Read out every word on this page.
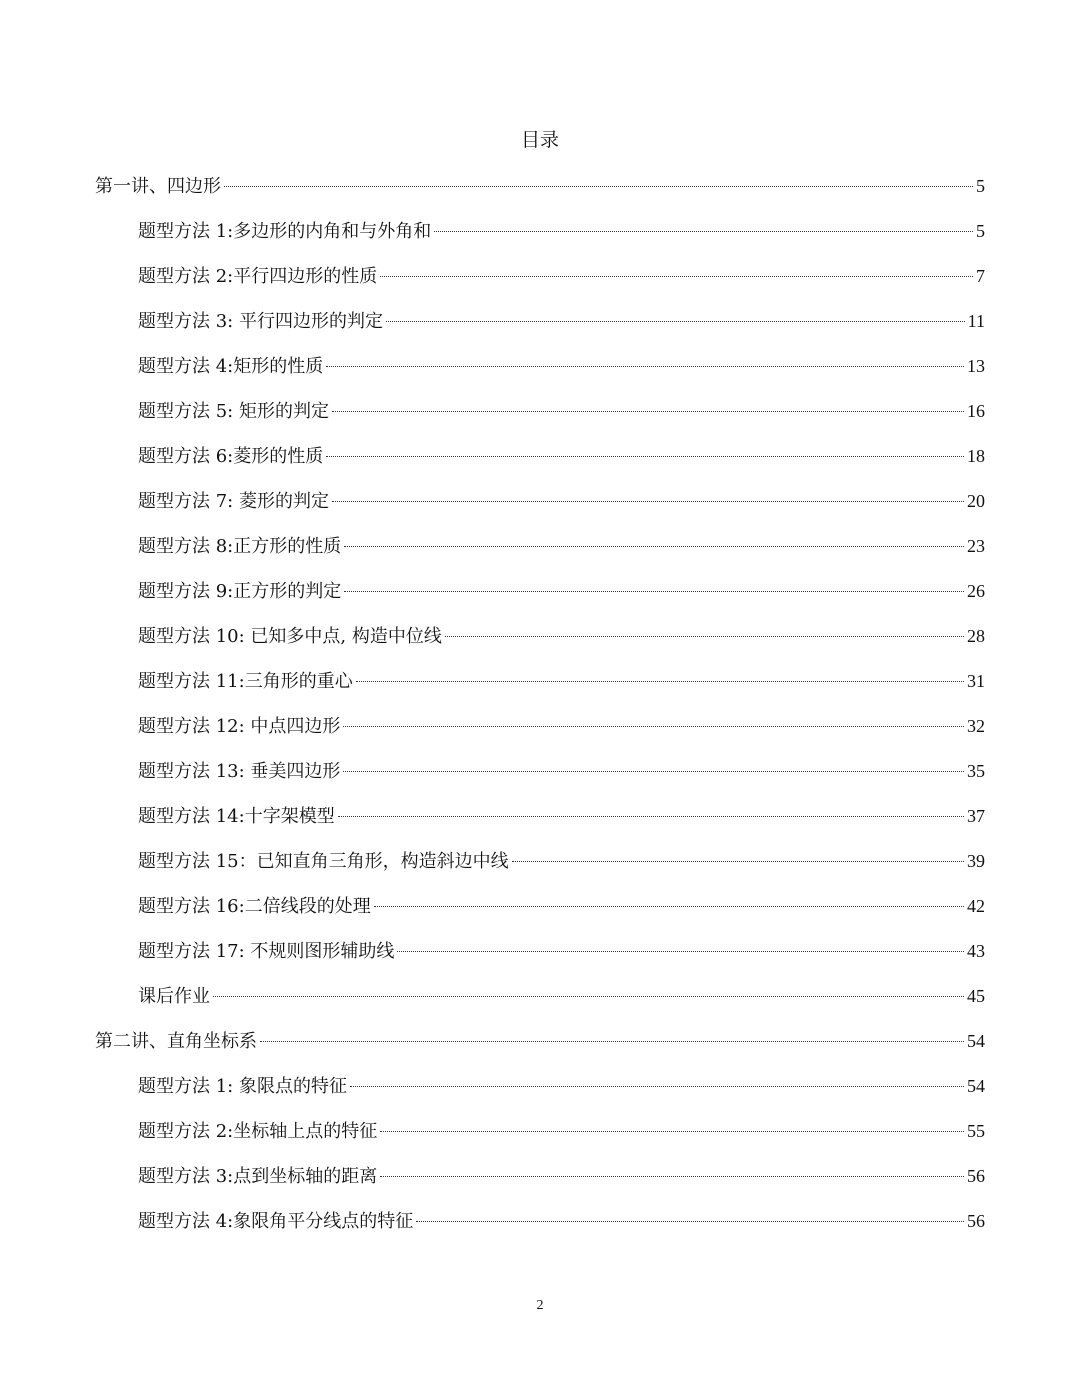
目录
第一讲、四边形	5
题型方法 1:多边形的内角和与外角和	5
题型方法 2:平行四边形的性质	7
题型方法 3: 平行四边形的判定	11
题型方法 4:矩形的性质	13
题型方法 5: 矩形的判定	16
题型方法 6:菱形的性质	18
题型方法 7: 菱形的判定	20
题型方法 8:正方形的性质	23
题型方法 9:正方形的判定	26
题型方法 10: 已知多中点, 构造中位线	28
题型方法 11:三角形的重心	31
题型方法 12: 中点四边形	32
题型方法 13: 垂美四边形	35
题型方法 14:十字架模型	37
题型方法 15：已知直角三角形，构造斜边中线	39
题型方法 16:二倍线段的处理	42
题型方法 17: 不规则图形辅助线	43
课后作业	45
第二讲、直角坐标系	54
题型方法 1: 象限点的特征	54
题型方法 2:坐标轴上点的特征	55
题型方法 3:点到坐标轴的距离	56
题型方法 4:象限角平分线点的特征	56
2
